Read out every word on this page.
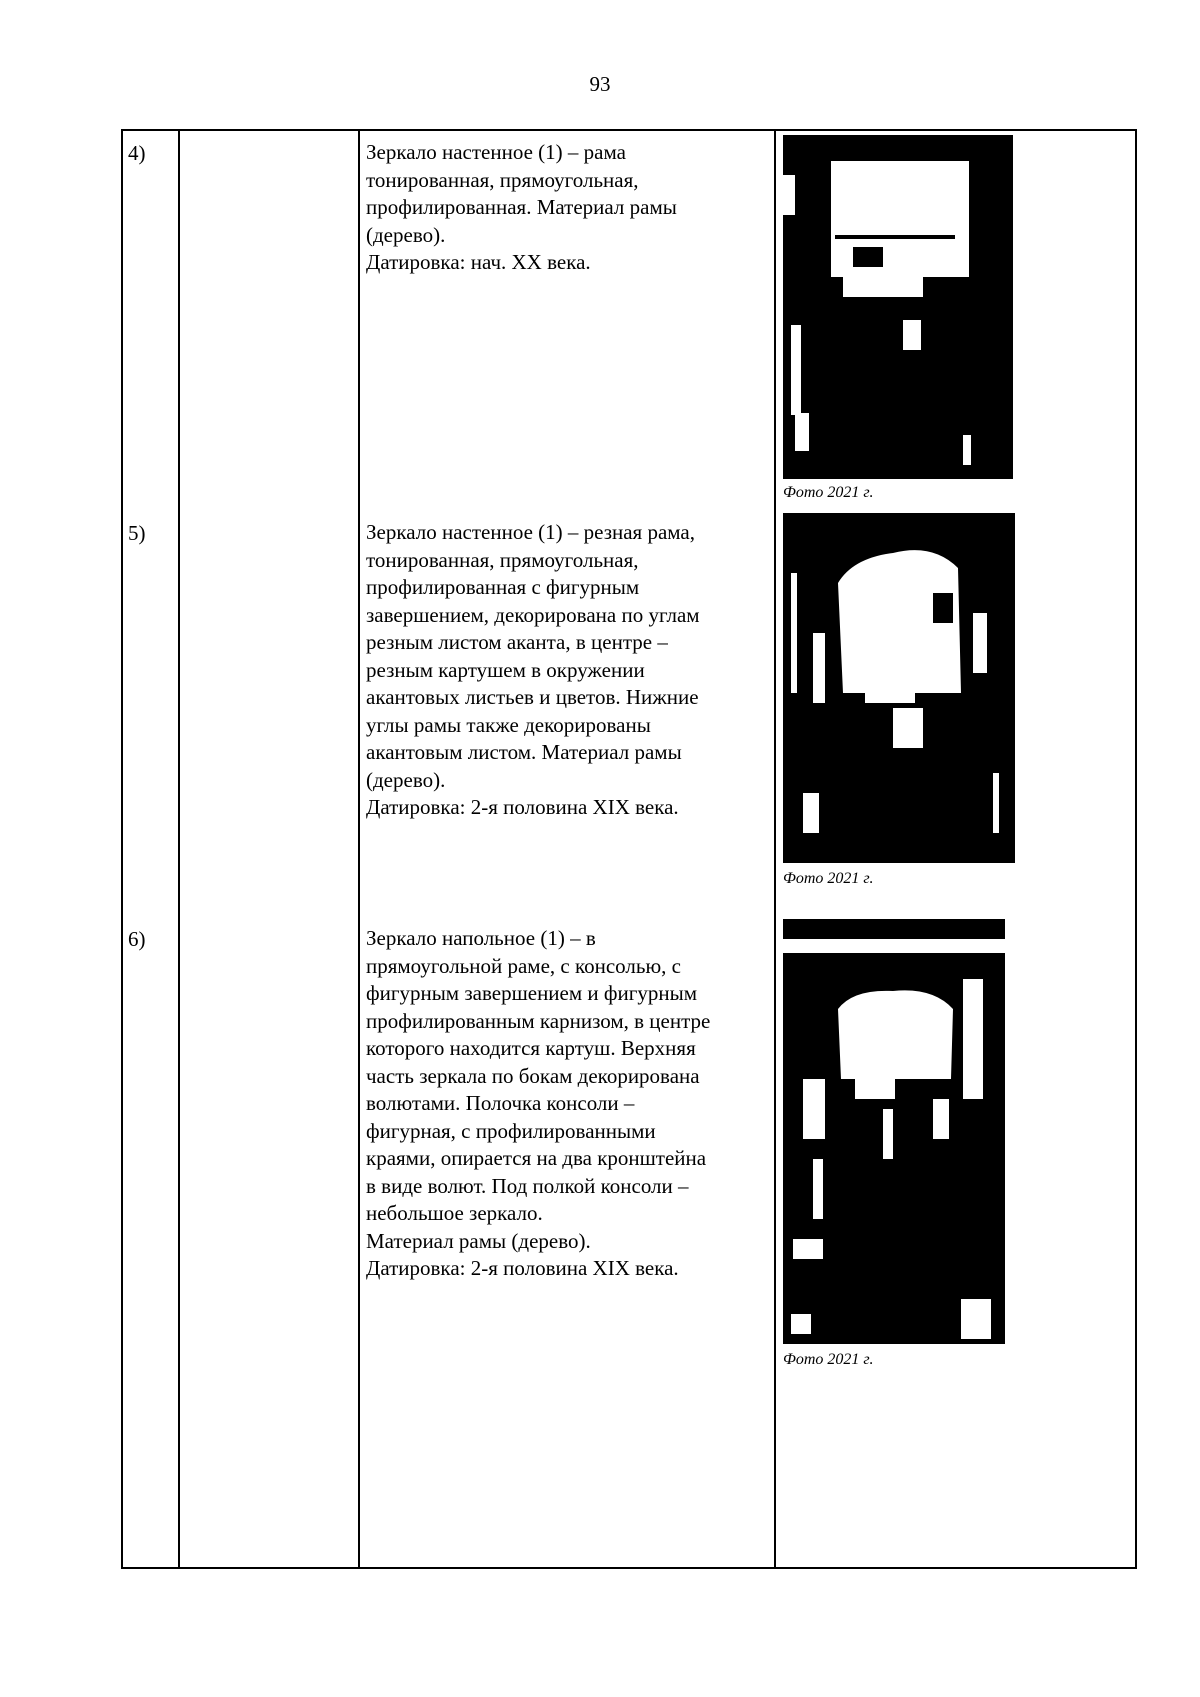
93
4)	Зеркало настенное (1) – рама
тонированная, прямоугольная,
профилированная. Материал рамы
(дерево).
Датировка: нач. XX века.
Фото 2021 г.
5)	Зеркало настенное (1) – резная рама,
тонированная, прямоугольная,
профилированная с фигурным
завершением, декорирована по углам
резным листом аканта, в центре –
резным картушем в окружении
акантовых листьев и цветов. Нижние
углы рамы также декорированы
акантовым листом. Материал рамы
(дерево).
Датировка: 2-я половина XIX века.
Фото 2021 г.
6)	Зеркало напольное (1) – в
прямоугольной раме, с консолью, с
фигурным завершением и фигурным
профилированным карнизом, в центре
которого находится картуш. Верхняя
часть зеркала по бокам декорирована
волютами. Полочка консоли –
фигурная, с профилированными
краями, опирается на два кронштейна
в виде волют. Под полкой консоли –
небольшое зеркало.
Материал рамы (дерево).
Датировка: 2-я половина XIX века.
Фото 2021 г.
